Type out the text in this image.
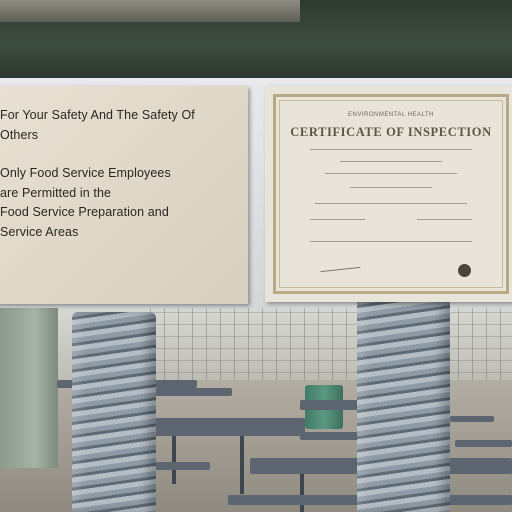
For Your Safety And The Safety Of

Others

Only Food Service Employees
are Permitted in the
Food Service Preparation and
Service Areas
ENVIRONMENTAL HEALTH
CERTIFICATE OF INSPECTION
